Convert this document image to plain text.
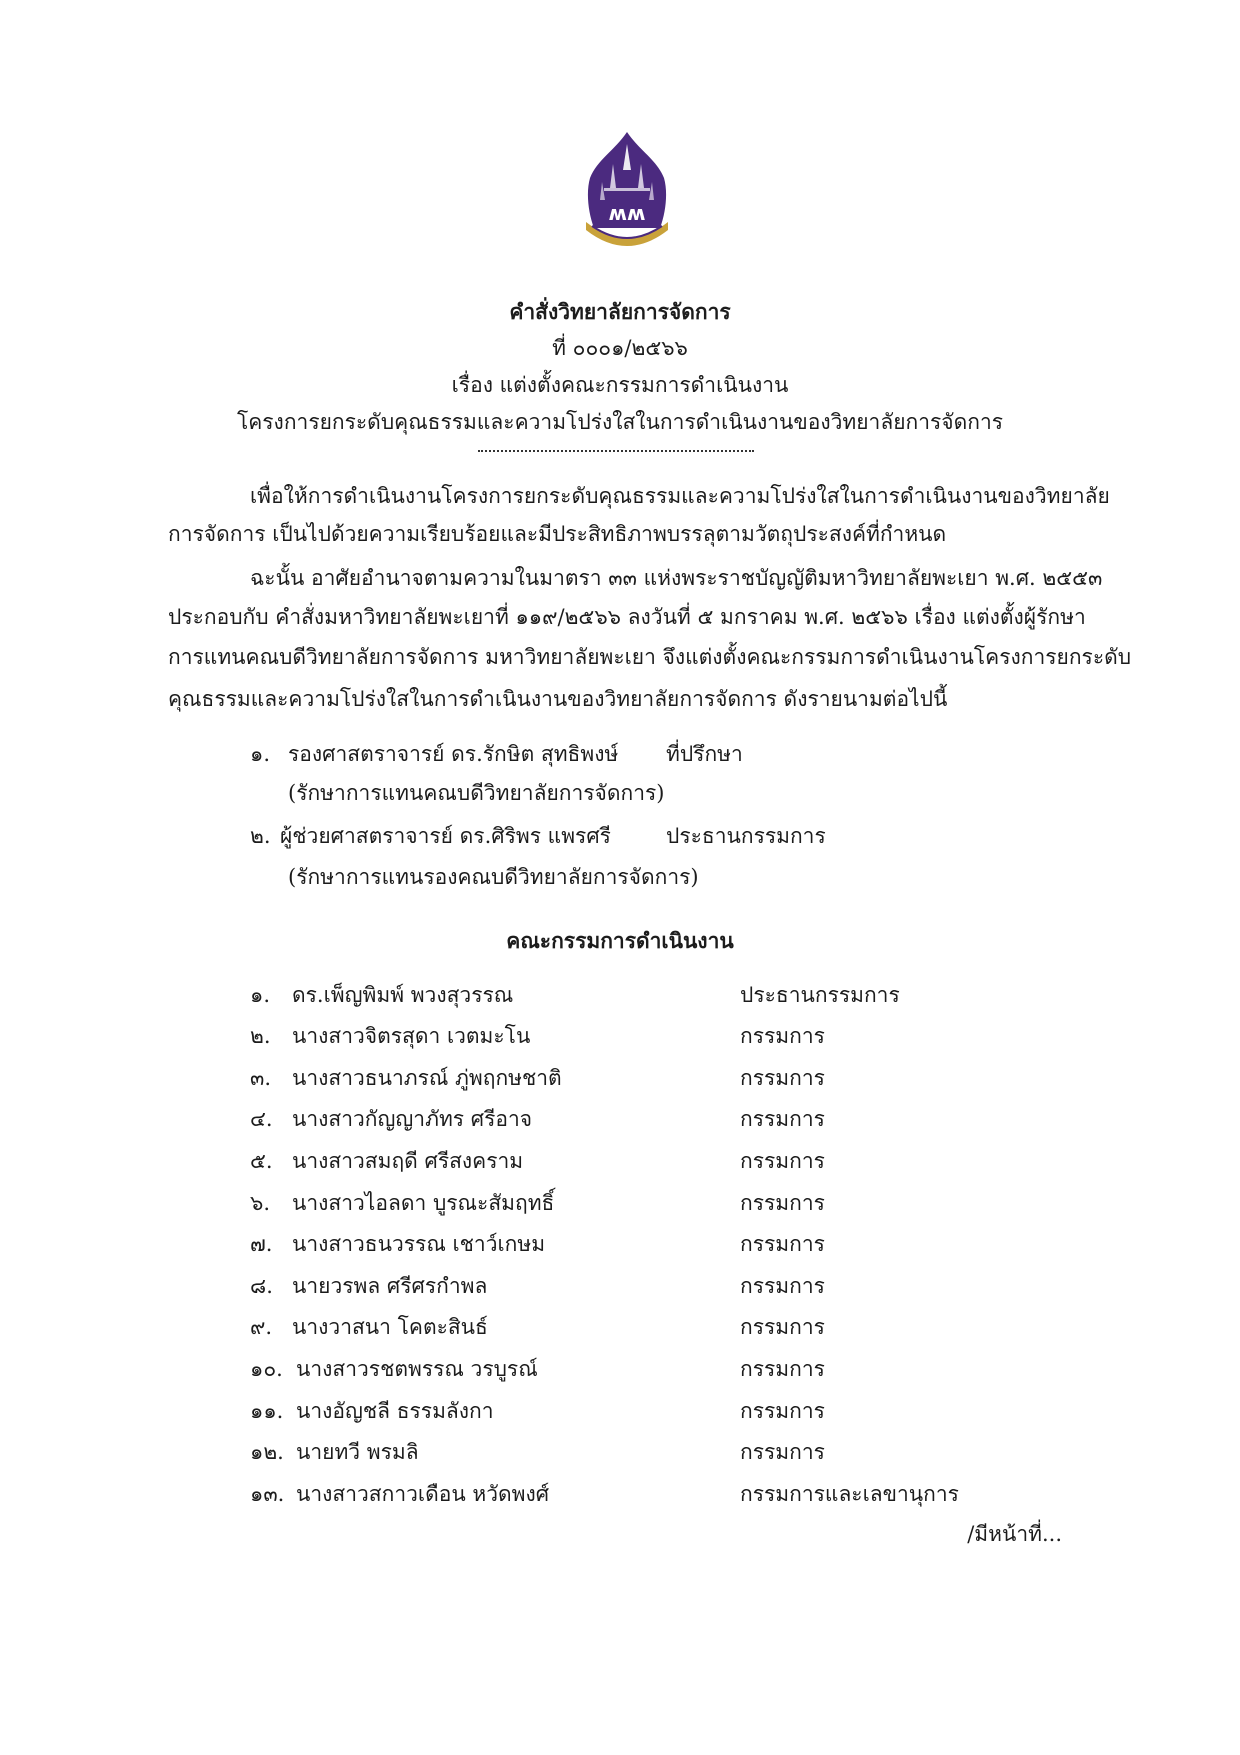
ʍʍ
คำสั่งวิทยาลัยการจัดการ
ที่ ๐๐๐๑/๒๕๖๖
เรื่อง แต่งตั้งคณะกรรมการดำเนินงาน
โครงการยกระดับคุณธรรมและความโปร่งใสในการดำเนินงานของวิทยาลัยการจัดการ
เพื่อให้การดำเนินงานโครงการยกระดับคุณธรรมและความโปร่งใสในการดำเนินงานของวิทยาลัย
การจัดการ เป็นไปด้วยความเรียบร้อยและมีประสิทธิภาพบรรลุตามวัตถุประสงค์ที่กำหนด
ฉะนั้น อาศัยอำนาจตามความในมาตรา ๓๓ แห่งพระราชบัญญัติมหาวิทยาลัยพะเยา พ.ศ. ๒๕๕๓
ประกอบกับ คำสั่งมหาวิทยาลัยพะเยาที่ ๑๑๙/๒๕๖๖ ลงวันที่ ๕ มกราคม พ.ศ. ๒๕๖๖ เรื่อง แต่งตั้งผู้รักษา
การแทนคณบดีวิทยาลัยการจัดการ มหาวิทยาลัยพะเยา จึงแต่งตั้งคณะกรรมการดำเนินงานโครงการยกระดับ
คุณธรรมและความโปร่งใสในการดำเนินงานของวิทยาลัยการจัดการ ดังรายนามต่อไปนี้
๑. รองศาสตราจารย์ ดร.รักษิต สุทธิพงษ์ ที่ปรึกษา
(รักษาการแทนคณบดีวิทยาลัยการจัดการ)
๒. ผู้ช่วยศาสตราจารย์ ดร.ศิริพร แพรศรี	ประธานกรรมการ
(รักษาการแทนรองคณบดีวิทยาลัยการจัดการ)
คณะกรรมการดำเนินงาน
๑. ดร.เพ็ญพิมพ์ พวงสุวรรณ	ประธานกรรมการ
๒. นางสาวจิตรสุดา เวตมะโน	กรรมการ
๓. นางสาวธนาภรณ์ ภู่พฤกษชาติ	กรรมการ
๔. นางสาวกัญญาภัทร ศรีอาจ	กรรมการ
๕. นางสาวสมฤดี ศรีสงคราม	กรรมการ
๖. นางสาวไอลดา บูรณะสัมฤทธิ์	กรรมการ
๗. นางสาวธนวรรณ เชาว์เกษม	กรรมการ
๘. นายวรพล ศรีศรกำพล	กรรมการ
๙. นางวาสนา โคตะสินธ์	กรรมการ
๑๐. นางสาวรชตพรรณ วรบูรณ์	กรรมการ
๑๑. นางอัญชลี ธรรมลังกา	กรรมการ
๑๒. นายทวี พรมลิ	กรรมการ
๑๓. นางสาวสกาวเดือน หวัดพงศ์	กรรมการและเลขานุการ
/มีหน้าที่...
